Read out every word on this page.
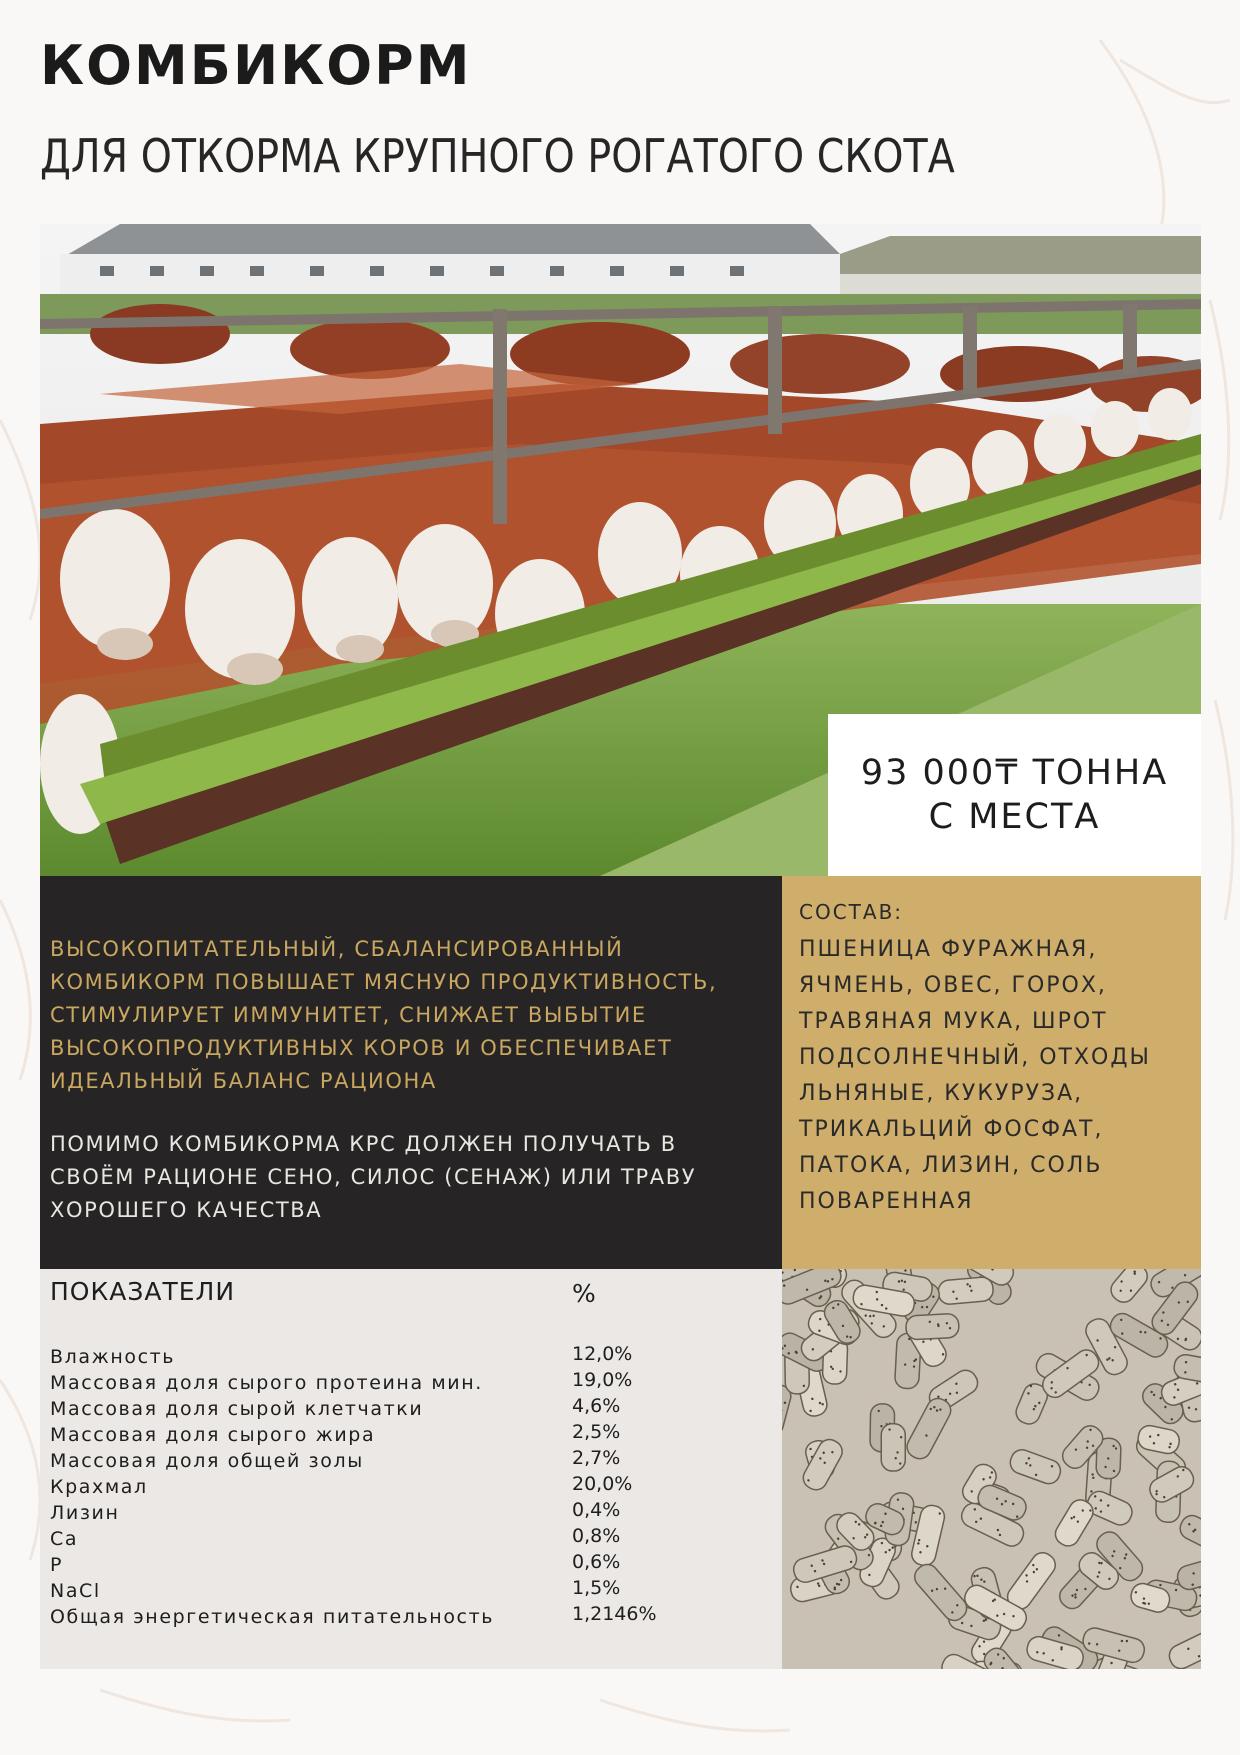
КОМБИКОРМ
ДЛЯ ОТКОРМА КРУПНОГО РОГАТОГО СКОТА
93 000₸ ТОННА
С МЕСТА

ВЫСОКОПИТАТЕЛЬНЫЙ, СБАЛАНСИРОВАННЫЙ КОМБИКОРМ ПОВЫШАЕТ МЯСНУЮ ПРОДУКТИВНОСТЬ, СТИМУЛИРУЕТ ИММУНИТЕТ, СНИЖАЕТ ВЫБЫТИЕ ВЫСОКОПРОДУКТИВНЫХ КОРОВ И ОБЕСПЕЧИВАЕТ ИДЕАЛЬНЫЙ БАЛАНС РАЦИОНА

ПОМИМО КОМБИКОРМА КРС ДОЛЖЕН ПОЛУЧАТЬ В СВОЁМ РАЦИОНЕ СЕНО, СИЛОС (СЕНАЖ) ИЛИ ТРАВУ ХОРОШЕГО КАЧЕСТВА

СОСТАВ:

ПШЕНИЦА ФУРАЖНАЯ, ЯЧМЕНЬ, ОВЕС, ГОРОХ, ТРАВЯНАЯ МУКА, ШРОТ ПОДСОЛНЕЧНЫЙ, ОТХОДЫ ЛЬНЯНЫЕ, КУКУРУЗА, ТРИКАЛЬЦИЙ ФОСФАТ, ПАТОКА, ЛИЗИН, СОЛЬ ПОВАРЕННАЯ

ПОКАЗАТЕЛИ	%
Влажность	12,0%
Массовая доля сырого протеина мин.	19,0%
Массовая доля сырой клетчатки	4,6%
Массовая доля сырого жира	2,5%
Массовая доля общей золы	2,7%
Крахмал	20,0%
Лизин	0,4%
Ca	0,8%
P	0,6%
NaCl	1,5%
Общая энергетическая питательность	1,2146%
